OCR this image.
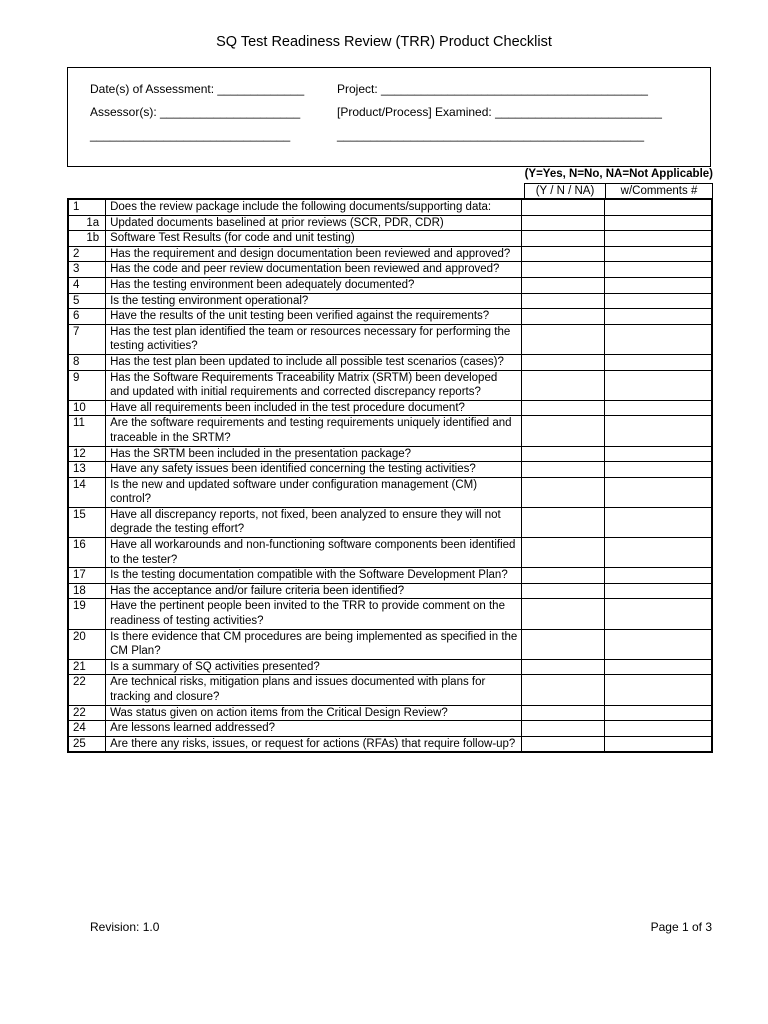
SQ Test Readiness Review (TRR) Product Checklist
Date(s) of Assessment: _____________	Project: ________________________________________
Assessor(s): _____________________	[Product/Process] Examined: _________________________
______________________________	______________________________________________
(Y=Yes, N=No, NA=Not Applicable)
(Y / N / NA)	w/Comments #
1	Does the review package include the following documents/supporting data:		
1a	Updated documents baselined at prior reviews (SCR, PDR, CDR)		
1b	Software Test Results (for code and unit testing)		
2	Has the requirement and design documentation been reviewed and approved?		
3	Has the code and peer review documentation been reviewed and approved?		
4	Has the testing environment been adequately documented?		
5	Is the testing environment operational?		
6	Have the results of the unit testing been verified against the requirements?		
7	Has the test plan identified the team or resources necessary for performing the testing activities?		
8	Has the test plan been updated to include all possible test scenarios (cases)?		
9	Has the Software Requirements Traceability Matrix (SRTM) been developed and updated with initial requirements and corrected discrepancy reports?		
10	Have all requirements been included in the test procedure document?		
11	Are the software requirements and testing requirements uniquely identified and traceable in the SRTM?		
12	Has the SRTM been included in the presentation package?		
13	Have any safety issues been identified concerning the testing activities?		
14	Is the new and updated software under configuration management (CM) control?		
15	Have all discrepancy reports, not fixed, been analyzed to ensure they will not degrade the testing effort?		
16	Have all workarounds and non-functioning software components been identified to the tester?		
17	Is the testing documentation compatible with the Software Development Plan?		
18	Has the acceptance and/or failure criteria been identified?		
19	Have the pertinent people been invited to the TRR to provide comment on the readiness of testing activities?		
20	Is there evidence that CM procedures are being implemented as specified in the CM Plan?		
21	Is a summary of SQ activities presented?		
22	Are technical risks, mitigation plans and issues documented with plans for tracking and closure?		
22	Was status given on action items from the Critical Design Review?		
24	Are lessons learned addressed?		
25	Are there any risks, issues, or request for actions (RFAs) that require follow-up?		
Revision: 1.0	Page 1 of 3
